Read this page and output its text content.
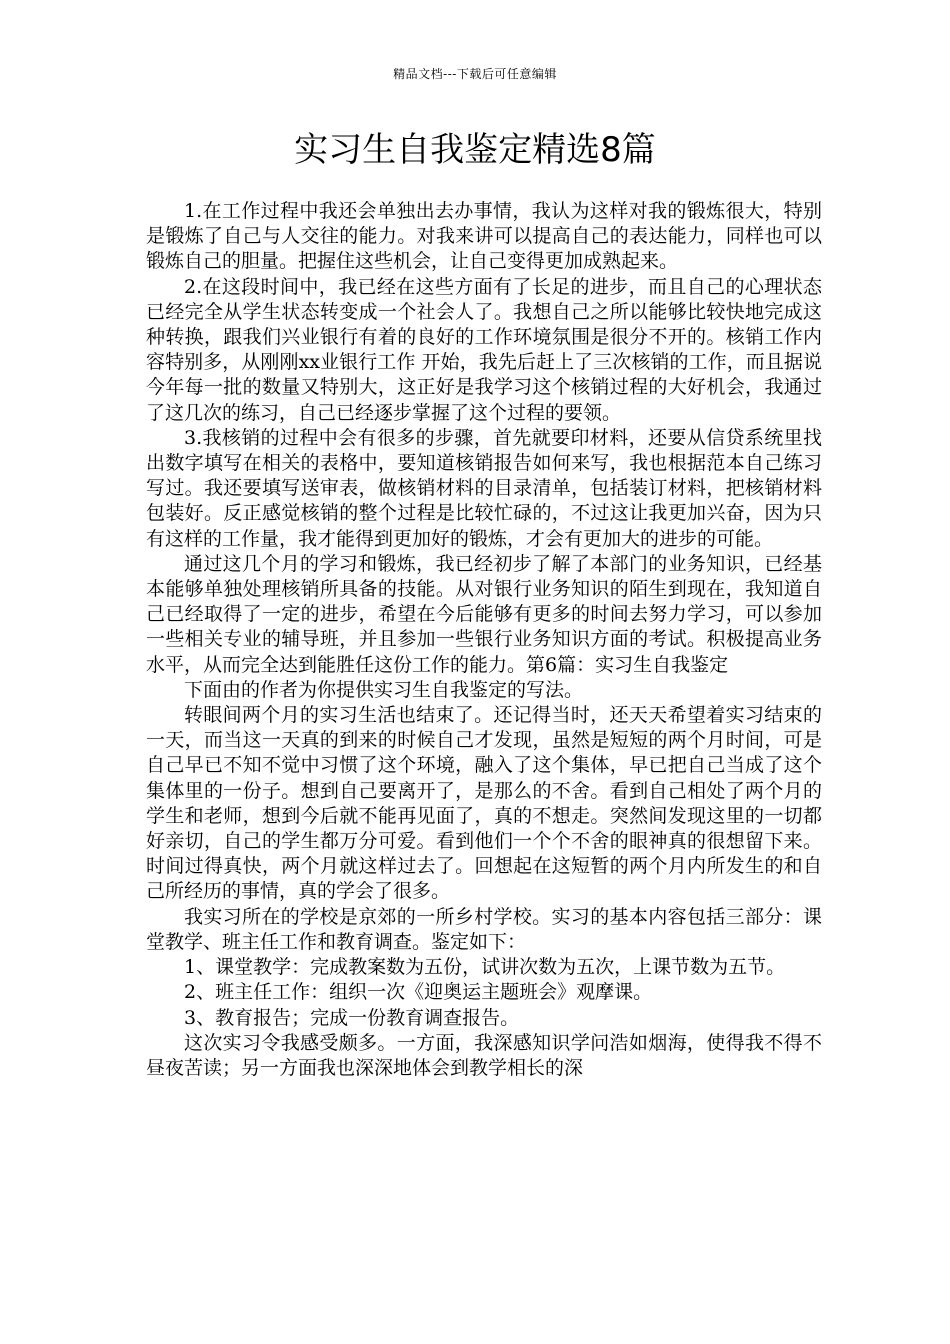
精品文档---下载后可任意编辑
实习生自我鉴定精选8篇

1.在工作过程中我还会单独出去办事情，我认为这样对我的锻炼很大，特别是锻炼了自己与人交往的能力。对我来讲可以提高自己的表达能力，同样也可以锻炼自己的胆量。把握住这些机会，让自己变得更加成熟起来。

2.在这段时间中，我已经在这些方面有了长足的进步，而且自己的心理状态已经完全从学生状态转变成一个社会人了。我想自己之所以能够比较快地完成这种转换，跟我们兴业银行有着的良好的工作环境氛围是很分不开的。核销工作内容特别多，从刚刚xx业银行工作 开始，我先后赶上了三次核销的工作，而且据说今年每一批的数量又特别大，这正好是我学习这个核销过程的大好机会，我通过了这几次的练习，自己已经逐步掌握了这个过程的要领。

3.我核销的过程中会有很多的步骤，首先就要印材料，还要从信贷系统里找出数字填写在相关的表格中，要知道核销报告如何来写，我也根据范本自己练习写过。我还要填写送审表，做核销材料的目录清单，包括装订材料，把核销材料包装好。反正感觉核销的整个过程是比较忙碌的，不过这让我更加兴奋，因为只有这样的工作量，我才能得到更加好的锻炼，才会有更加大的进步的可能。

通过这几个月的学习和锻炼，我已经初步了解了本部门的业务知识，已经基本能够单独处理核销所具备的技能。从对银行业务知识的陌生到现在，我知道自己已经取得了一定的进步，希望在今后能够有更多的时间去努力学习，可以参加一些相关专业的辅导班，并且参加一些银行业务知识方面的考试。积极提高业务水平，从而完全达到能胜任这份工作的能力。第6篇：实习生自我鉴定

下面由的作者为你提供实习生自我鉴定的写法。

转眼间两个月的实习生活也结束了。还记得当时，还天天希望着实习结束的一天，而当这一天真的到来的时候自己才发现，虽然是短短的两个月时间，可是自己早已不知不觉中习惯了这个环境，融入了这个集体，早已把自己当成了这个集体里的一份子。想到自己要离开了，是那么的不舍。看到自己相处了两个月的学生和老师，想到今后就不能再见面了，真的不想走。突然间发现这里的一切都好亲切，自己的学生都万分可爱。看到他们一个个不舍的眼神真的很想留下来。时间过得真快，两个月就这样过去了。回想起在这短暂的两个月内所发生的和自己所经历的事情，真的学会了很多。

我实习所在的学校是京郊的一所乡村学校。实习的基本内容包括三部分：课堂教学、班主任工作和教育调查。鉴定如下：

1、课堂教学：完成教案数为五份，试讲次数为五次，上课节数为五节。

2、班主任工作：组织一次《迎奥运主题班会》观摩课。

3、教育报告；完成一份教育调查报告。

这次实习令我感受颇多。一方面，我深感知识学问浩如烟海，使得我不得不昼夜苦读；另一方面我也深深地体会到教学相长的深
